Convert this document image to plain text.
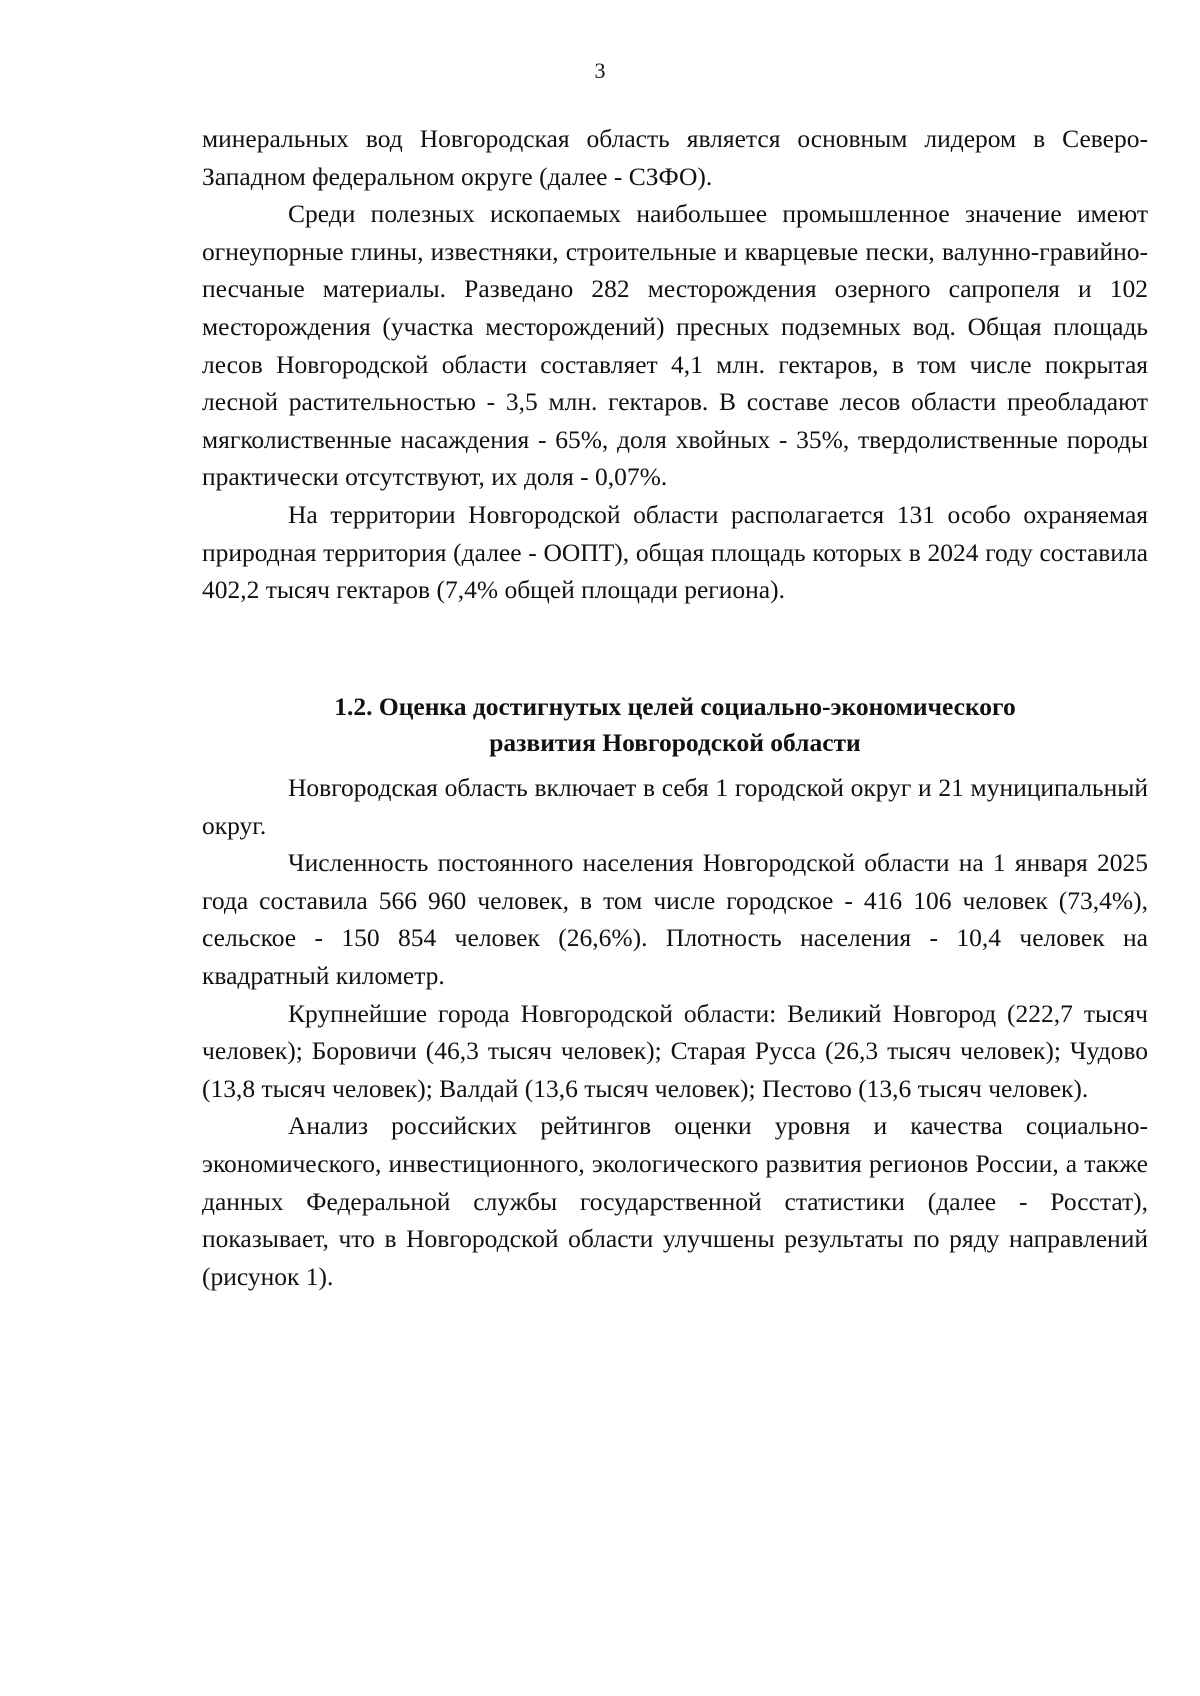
3

минеральных вод Новгородская область является основным лидером в Северо-Западном федеральном округе (далее - СЗФО).

Среди полезных ископаемых наибольшее промышленное значение имеют огнеупорные глины, известняки, строительные и кварцевые пески, валунно-гравийно-песчаные материалы. Разведано 282 месторождения озерного сапропеля и 102 месторождения (участка месторождений) пресных подземных вод. Общая площадь лесов Новгородской области составляет 4,1 млн. гектаров, в том числе покрытая лесной растительностью - 3,5 млн. гектаров. В составе лесов области преобладают мягколиственные насаждения - 65%, доля хвойных - 35%, твердолиственные породы практически отсутствуют, их доля - 0,07%.

На территории Новгородской области располагается 131 особо охраняемая природная территория (далее - ООПТ), общая площадь которых в 2024 году составила 402,2 тысяч гектаров (7,4% общей площади региона).

1.2. Оценка достигнутых целей социально-экономического
развития Новгородской области

Новгородская область включает в себя 1 городской округ и 21 муниципальный округ.

Численность постоянного населения Новгородской области на 1 января 2025 года составила 566 960 человек, в том числе городское - 416 106 человек (73,4%), сельское - 150 854 человек (26,6%). Плотность населения - 10,4 человек на квадратный километр.

Крупнейшие города Новгородской области: Великий Новгород (222,7 тысяч человек); Боровичи (46,3 тысяч человек); Старая Русса (26,3 тысяч человек); Чудово (13,8 тысяч человек); Валдай (13,6 тысяч человек); Пестово (13,6 тысяч человек).

Анализ российских рейтингов оценки уровня и качества социально-экономического, инвестиционного, экологического развития регионов России, а также данных Федеральной службы государственной статистики (далее - Росстат), показывает, что в Новгородской области улучшены результаты по ряду направлений (рисунок 1).
